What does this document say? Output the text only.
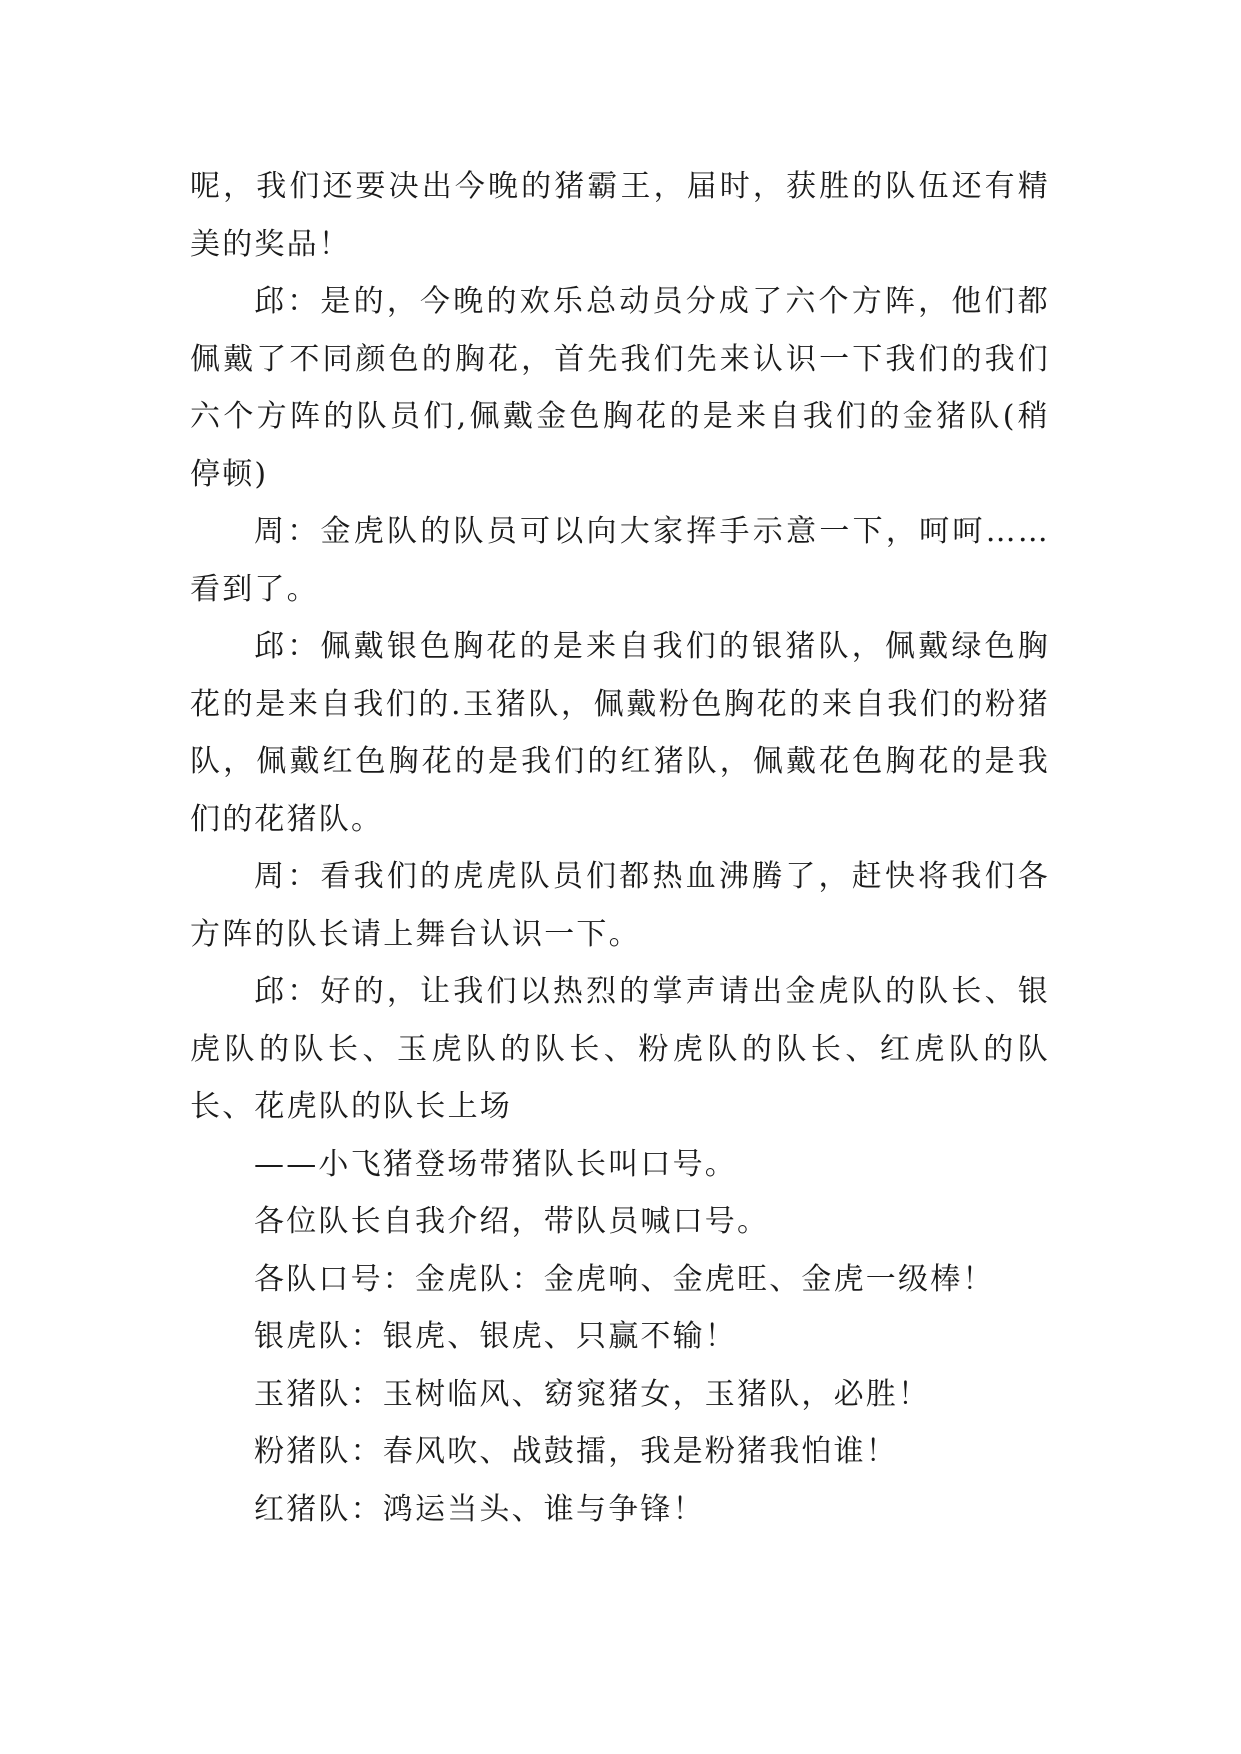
呢，我们还要决出今晚的猪霸王，届时，获胜的队伍还有精美的奖品！

邱：是的，今晚的欢乐总动员分成了六个方阵，他们都佩戴了不同颜色的胸花，首先我们先来认识一下我们的我们六个方阵的队员们,佩戴金色胸花的是来自我们的金猪队(稍停顿)

周：金虎队的队员可以向大家挥手示意一下，呵呵……看到了。

邱：佩戴银色胸花的是来自我们的银猪队，佩戴绿色胸花的是来自我们的.玉猪队，佩戴粉色胸花的来自我们的粉猪队，佩戴红色胸花的是我们的红猪队，佩戴花色胸花的是我们的花猪队。

周：看我们的虎虎队员们都热血沸腾了，赶快将我们各方阵的队长请上舞台认识一下。

邱：好的，让我们以热烈的掌声请出金虎队的队长、银虎队的队长、玉虎队的队长、粉虎队的队长、红虎队的队长、花虎队的队长上场

——小飞猪登场带猪队长叫口号。

各位队长自我介绍，带队员喊口号。

各队口号：金虎队：金虎响、金虎旺、金虎一级棒！

银虎队：银虎、银虎、只赢不输！

玉猪队：玉树临风、窈窕猪女，玉猪队，必胜！

粉猪队：春风吹、战鼓擂，我是粉猪我怕谁！

红猪队：鸿运当头、谁与争锋！
